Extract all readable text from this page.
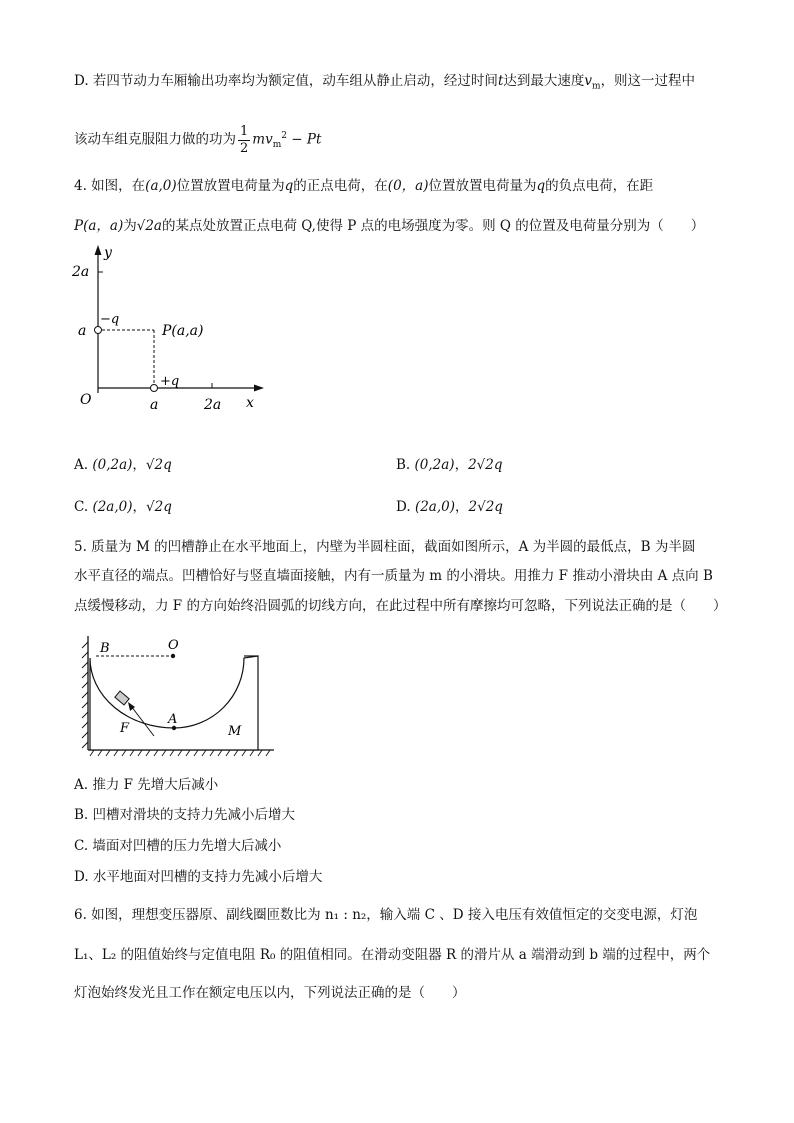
D. 若四节动力车厢输出功率均为额定值，动车组从静止启动，经过时间t达到最大速度$v_m$，则这一过程中
该动车组克服阻力做的功为 $\frac{1}{2} mv_m^2 - Pt$
4. 如图，在(a,0)位置放置电荷量为q的正点电荷，在(0，a)位置放置电荷量为q的负点电荷，在距
P(a，a)为√2a的某点处放置正点电荷 Q,使得 P 点的电场强度为零。则 Q 的位置及电荷量分别为（　　）
y
2a
a
−q
P(a,a)
+q
O	a	2a x
A. (0,2a)，√2q	B. (0,2a)，2√2q
C. (2a,0)，√2q	D. (2a,0)，2√2q
5. 质量为 M 的凹槽静止在水平地面上，内壁为半圆柱面，截面如图所示，A 为半圆的最低点，B 为半圆
水平直径的端点。凹槽恰好与竖直墙面接触，内有一质量为 m 的小滑块。用推力 F 推动小滑块由 A 点向 B
点缓慢移动，力 F 的方向始终沿圆弧的切线方向，在此过程中所有摩擦均可忽略，下列说法正确的是（　　）
B	O
A
F	M
A. 推力 F 先增大后减小
B. 凹槽对滑块的支持力先减小后增大
C. 墙面对凹槽的压力先增大后减小
D. 水平地面对凹槽的支持力先减小后增大
6. 如图，理想变压器原、副线圈匝数比为 n₁ : n₂，输入端 C 、D 接入电压有效值恒定的交变电源，灯泡
L₁、L₂ 的阻值始终与定值电阻 R₀ 的阻值相同。在滑动变阻器 R 的滑片从 a 端滑动到 b 端的过程中，两个
灯泡始终发光且工作在额定电压以内，下列说法正确的是（　　）
